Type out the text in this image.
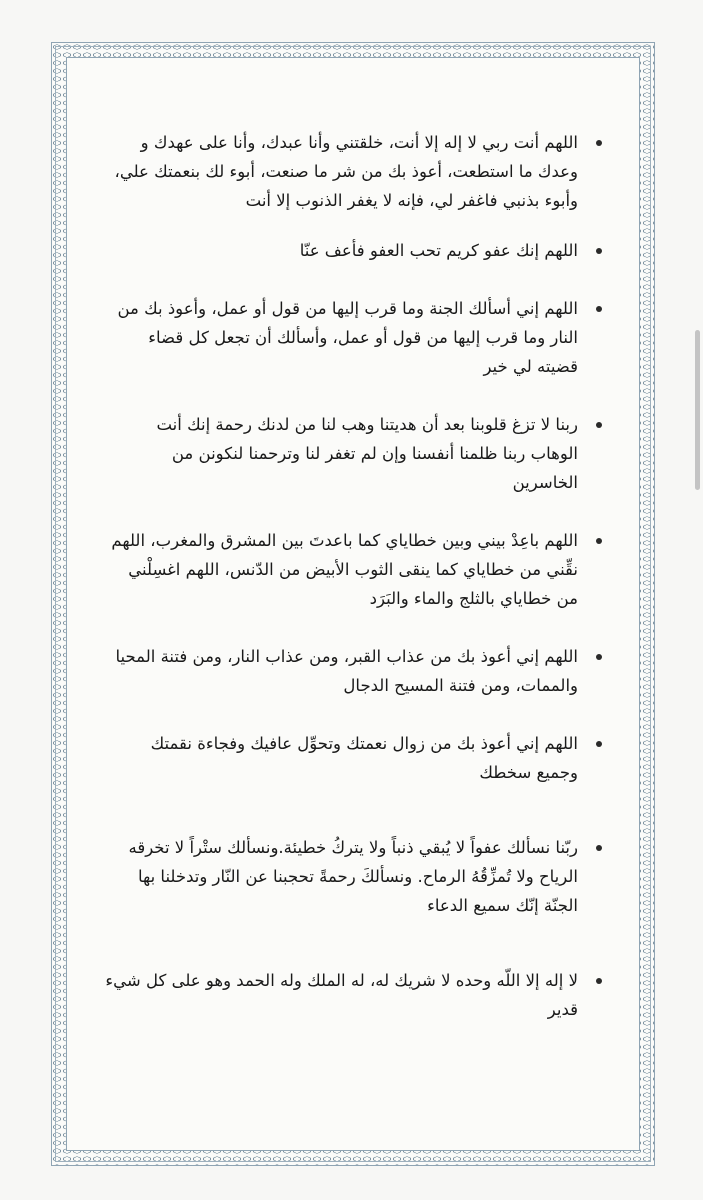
اللهم أنت ربي لا إله إلا أنت، خلقتني وأنا عبدك، وأنا على عهدك و وعدك ما استطعت، أعوذ بك من شر ما صنعت، أبوء لك بنعمتك علي، وأبوء بذنبي فاغفر لي، فإنه لا يغفر الذنوب إلا أنت
اللهم إنك عفو كريم تحب العفو فأعف عنّا
اللهم إني أسألك الجنة وما قرب إليها من قول أو عمل، وأعوذ بك من النار وما قرب إليها من قول أو عمل، وأسألك أن تجعل كل قضاء قضيته لي خير
ربنا لا تزغ قلوبنا بعد أن هديتنا وهب لنا من لدنك رحمة إنك أنت الوهاب ربنا ظلمنا أنفسنا وإن لم تغفر لنا وترحمنا لنكونن من الخاسرين
اللهم باعِدْ بيني وبين خطاياي كما باعدتَ بين المشرق والمغرب، اللهم نقِّني من خطاياي كما ينقى الثوب الأبيض من الدّنس، اللهم اغسِلْني من خطاياي بالثلج والماء والبَرَد
اللهم إني أعوذ بك من عذاب القبر، ومن عذاب النار، ومن فتنة المحيا والممات، ومن فتنة المسيح الدجال
اللهم إني أعوذ بك من زوال نعمتك وتحوِّل عافيك وفجاءة نقمتك وجميع سخطك
ربّنا نسألك عفواً لا يُبقي ذنباً ولا يتركُ خطيئة.ونسألك ستْراً لا تخرقه الرياح ولا تُمزِّقُهُ الرماح. ونسألكَ رحمةً تحجبنا عن النّار وتدخلنا بها الجنّة إنّك سميع الدعاء
لا إله إلا اللّه وحده لا شريك له، له الملك وله الحمد وهو على كل شيء قدير
